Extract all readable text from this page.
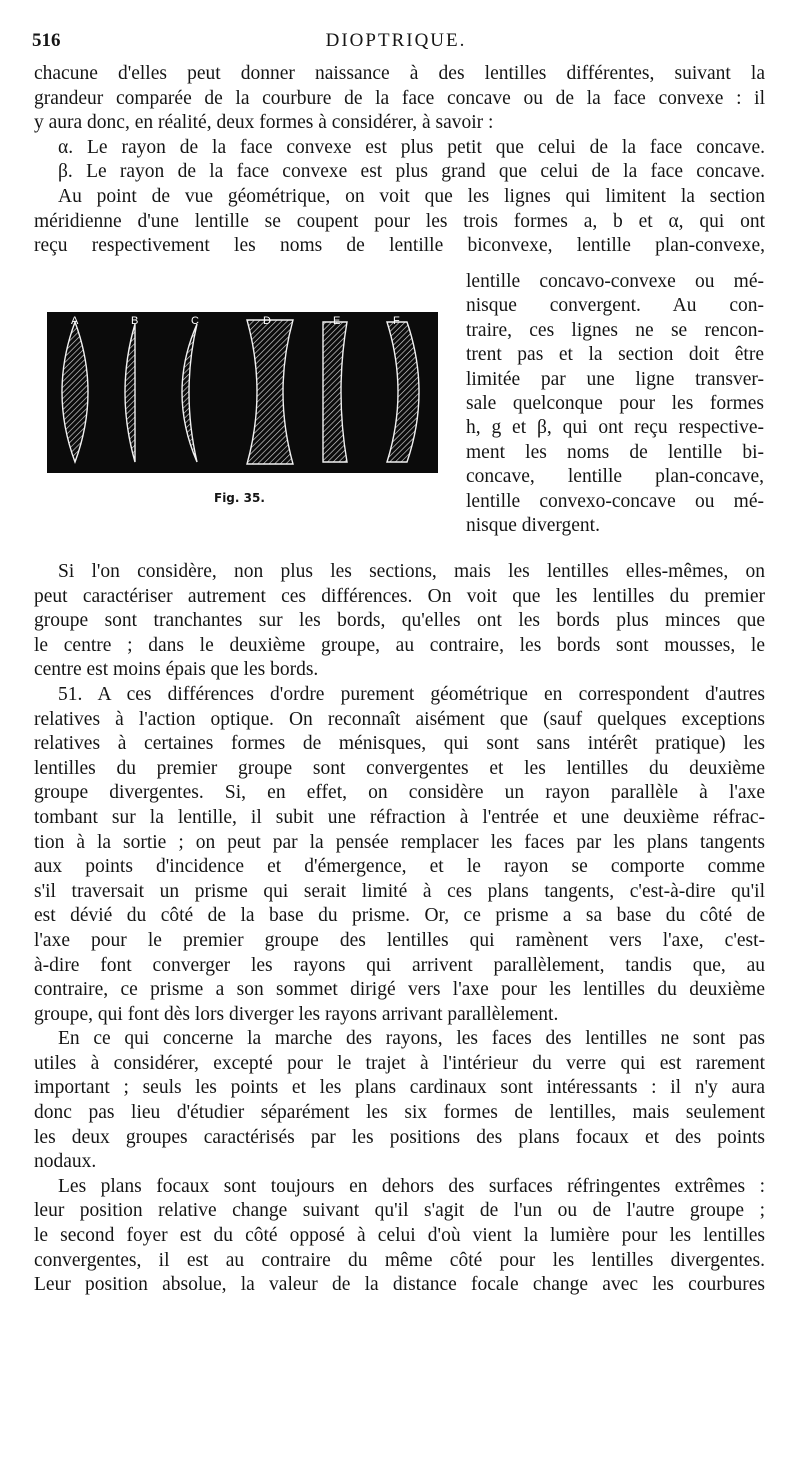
516	DIOPTRIQUE.

chacune d'elles peut donner naissance à des lentilles différentes, suivant la

grandeur comparée de la courbure de la face concave ou de la face convexe : il

y aura donc, en réalité, deux formes à considérer, à savoir :

α. Le rayon de la face convexe est plus petit que celui de la face concave.

β. Le rayon de la face convexe est plus grand que celui de la face concave.

Au point de vue géométrique, on voit que les lignes qui limitent la section

méridienne d'une lentille se coupent pour les trois formes a, b et α, qui ont

reçu respectivement les noms de lentille biconvexe, lentille plan-convexe,

lentille concavo-convexe ou mé-

nisque convergent. Au con-

traire, ces lignes ne se rencon-

trent pas et la section doit être

limitée par une ligne transver-

sale quelconque pour les formes

h, g et β, qui ont reçu respective-

ment les noms de lentille bi-

concave, lentille plan-concave,

lentille convexo-concave ou mé-

nisque divergent.

A	B	C	D	E	F
Fig. 35.

Si l'on considère, non plus les sections, mais les lentilles elles-mêmes, on

peut caractériser autrement ces différences. On voit que les lentilles du premier

groupe sont tranchantes sur les bords, qu'elles ont les bords plus minces que

le centre ; dans le deuxième groupe, au contraire, les bords sont mousses, le

centre est moins épais que les bords.

51. A ces différences d'ordre purement géométrique en correspondent d'autres

relatives à l'action optique. On reconnaît aisément que (sauf quelques exceptions

relatives à certaines formes de ménisques, qui sont sans intérêt pratique) les

lentilles du premier groupe sont convergentes et les lentilles du deuxième

groupe divergentes. Si, en effet, on considère un rayon parallèle à l'axe

tombant sur la lentille, il subit une réfraction à l'entrée et une deuxième réfrac-

tion à la sortie ; on peut par la pensée remplacer les faces par les plans tangents

aux points d'incidence et d'émergence, et le rayon se comporte comme

s'il traversait un prisme qui serait limité à ces plans tangents, c'est-à-dire qu'il

est dévié du côté de la base du prisme. Or, ce prisme a sa base du côté de

l'axe pour le premier groupe des lentilles qui ramènent vers l'axe, c'est-

à-dire font converger les rayons qui arrivent parallèlement, tandis que, au

contraire, ce prisme a son sommet dirigé vers l'axe pour les lentilles du deuxième

groupe, qui font dès lors diverger les rayons arrivant parallèlement.

En ce qui concerne la marche des rayons, les faces des lentilles ne sont pas

utiles à considérer, excepté pour le trajet à l'intérieur du verre qui est rarement

important ; seuls les points et les plans cardinaux sont intéressants : il n'y aura

donc pas lieu d'étudier séparément les six formes de lentilles, mais seulement

les deux groupes caractérisés par les positions des plans focaux et des points

nodaux.

Les plans focaux sont toujours en dehors des surfaces réfringentes extrêmes :

leur position relative change suivant qu'il s'agit de l'un ou de l'autre groupe ;

le second foyer est du côté opposé à celui d'où vient la lumière pour les lentilles

convergentes, il est au contraire du même côté pour les lentilles divergentes.

Leur position absolue, la valeur de la distance focale change avec les courbures
